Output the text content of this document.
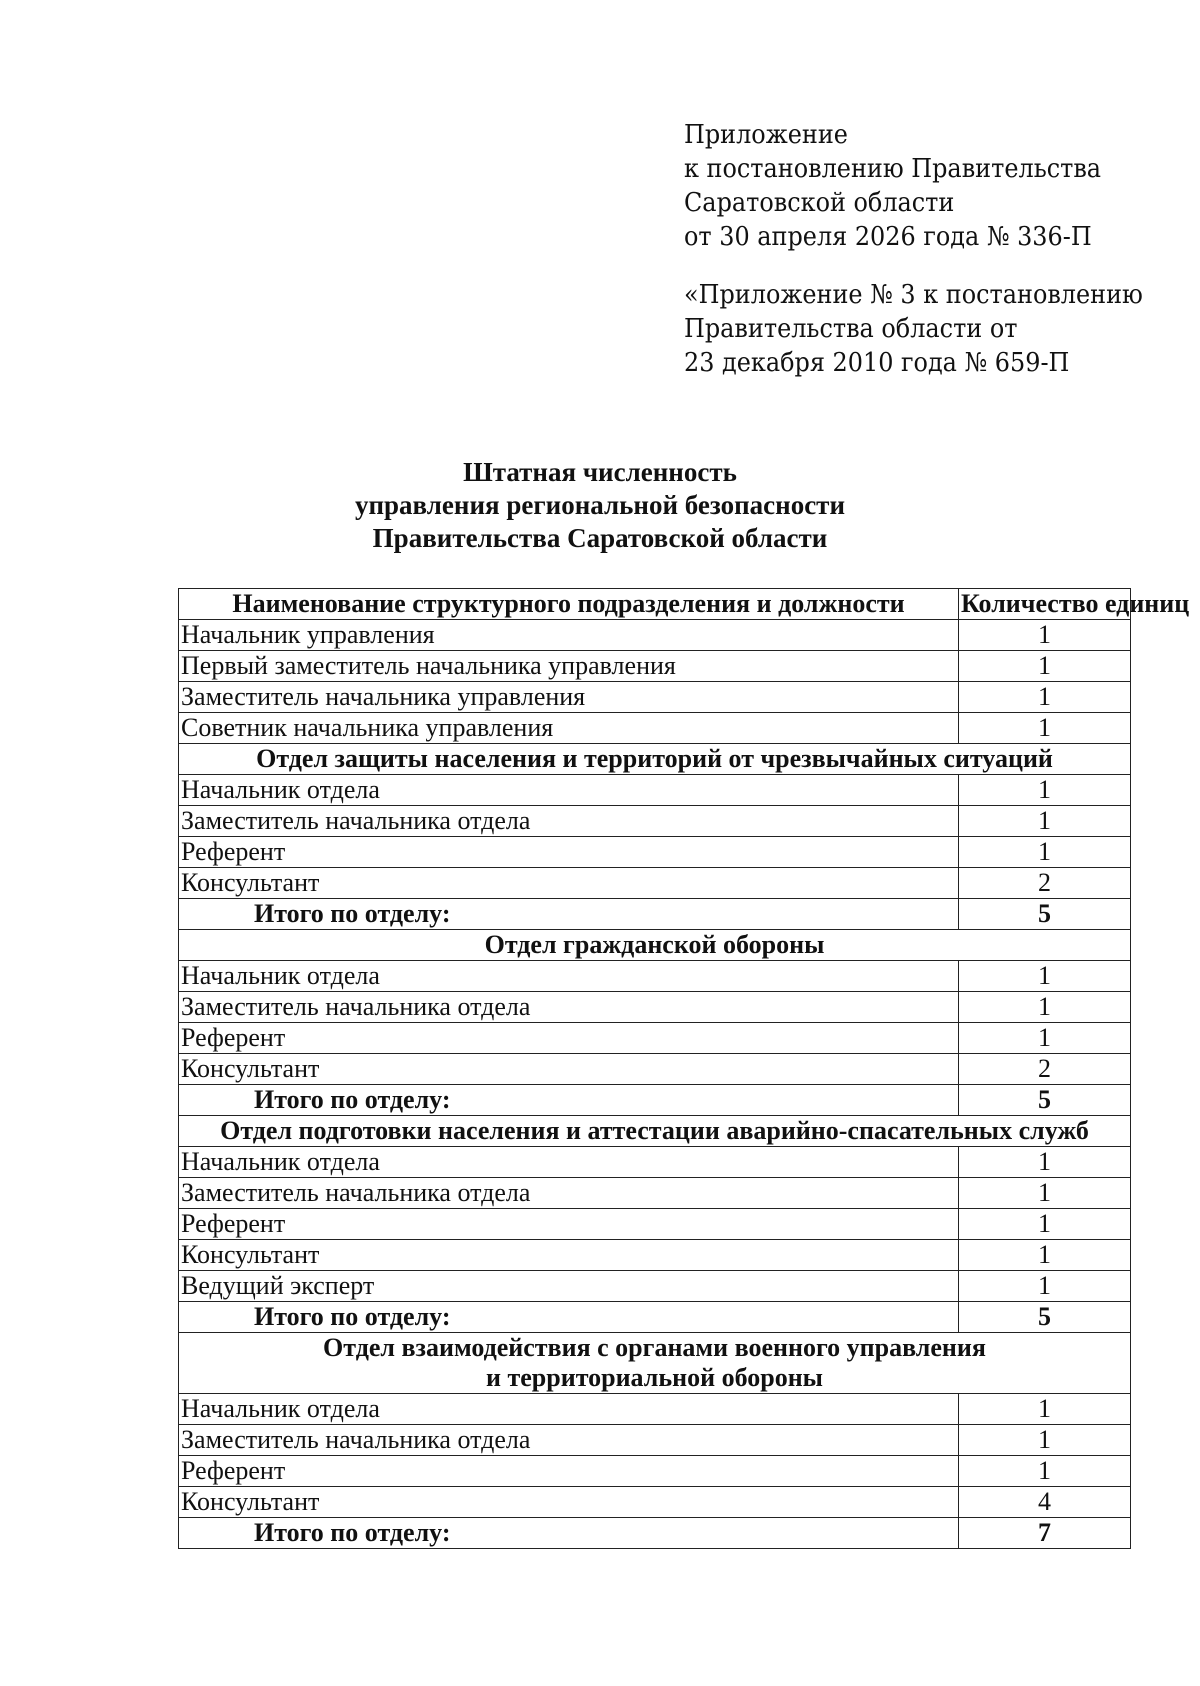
Приложение
к постановлению Правительства
Саратовской области
от 30 апреля 2026 года № 336-П
«Приложение № 3 к постановлению
Правительства области от
23 декабря 2010 года № 659-П
Штатная численность
управления региональной безопасности
Правительства Саратовской области
Наименование структурного подразделения и должности	Количество единиц
Начальник управления	1
Первый заместитель начальника управления	1
Заместитель начальника управления	1
Советник начальника управления	1
Отдел защиты населения и территорий от чрезвычайных ситуаций	
Начальник отдела	1
Заместитель начальника отдела	1
Референт	1
Консультант	2
Итого по отделу:	5
Отдел гражданской обороны	
Начальник отдела	1
Заместитель начальника отдела	1
Референт	1
Консультант	2
Итого по отделу:	5
Отдел подготовки населения и аттестации аварийно-спасательных служб	
Начальник отдела	1
Заместитель начальника отдела	1
Референт	1
Консультант	1
Ведущий эксперт	1
Итого по отделу:	5

Отдел взаимодействия с органами военного управления
и территориальной обороны	

Начальник отдела	1
Заместитель начальника отдела	1
Референт	1
Консультант	4
Итого по отделу:	7
